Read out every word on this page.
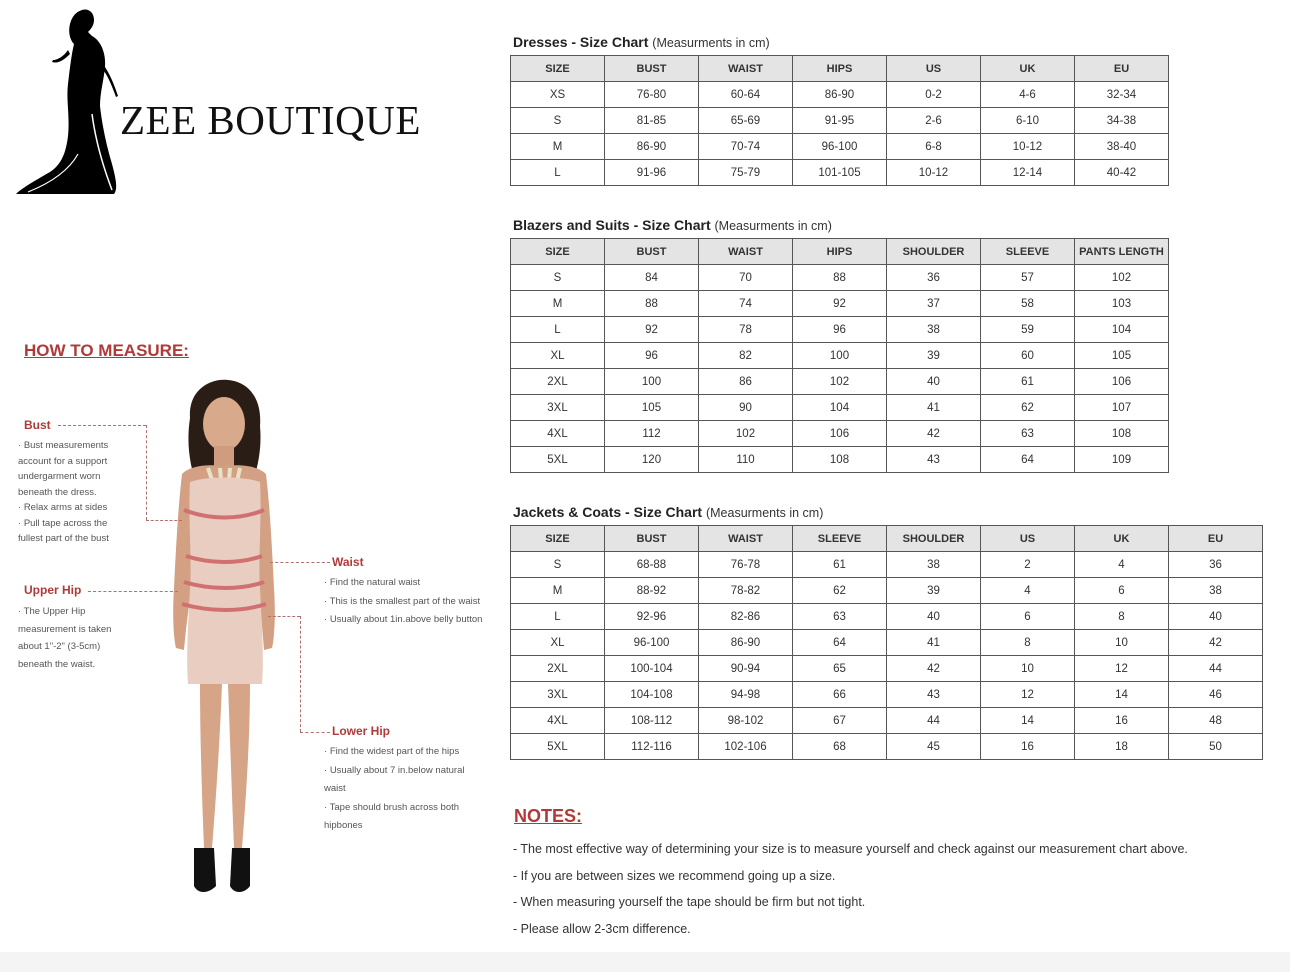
ZEE BOUTIQUE
Dresses - Size Chart (Measurments in cm)
SIZE	BUST	WAIST	HIPS	US	UK	EU
XS	76-80	60-64	86-90	0-2	4-6	32-34
S	81-85	65-69	91-95	2-6	6-10	34-38
M	86-90	70-74	96-100	6-8	10-12	38-40
L	91-96	75-79	101-105	10-12	12-14	40-42
Blazers and Suits - Size Chart (Measurments in cm)
SIZE	BUST	WAIST	HIPS	SHOULDER	SLEEVE	PANTS LENGTH
S	84	70	88	36	57	102
M	88	74	92	37	58	103
L	92	78	96	38	59	104
XL	96	82	100	39	60	105
2XL	100	86	102	40	61	106
3XL	105	90	104	41	62	107
4XL	112	102	106	42	63	108
5XL	120	110	108	43	64	109
Jackets & Coats - Size Chart (Measurments in cm)
SIZE	BUST	WAIST	SLEEVE	SHOULDER	US	UK	EU
S	68-88	76-78	61	38	2	4	36
M	88-92	78-82	62	39	4	6	38
L	92-96	82-86	63	40	6	8	40
XL	96-100	86-90	64	41	8	10	42
2XL	100-104	90-94	65	42	10	12	44
3XL	104-108	94-98	66	43	12	14	46
4XL	108-112	98-102	67	44	14	16	48
5XL	112-116	102-106	68	45	16	18	50
HOW TO MEASURE:
Bust
· Bust measurements account for a support undergarment worn beneath the dress.
· Relax arms at sides
· Pull tape across the fullest part of the bust
Upper Hip
· The Upper Hip measurement is taken about 1"-2" (3-5cm) beneath the waist.
Waist
· Find the natural waist
· This is the smallest part of the waist
· Usually about 1in.above belly button
Lower Hip
· Find the widest part of the hips
· Usually about 7 in.below natural waist
· Tape should brush across both hipbones	NOTES:
- The most effective way of determining your size is to measure yourself and check against our measurement chart above.
- If you are between sizes we recommend going up a size.
- When measuring yourself the tape should be firm but not tight.
- Please allow 2-3cm difference.
